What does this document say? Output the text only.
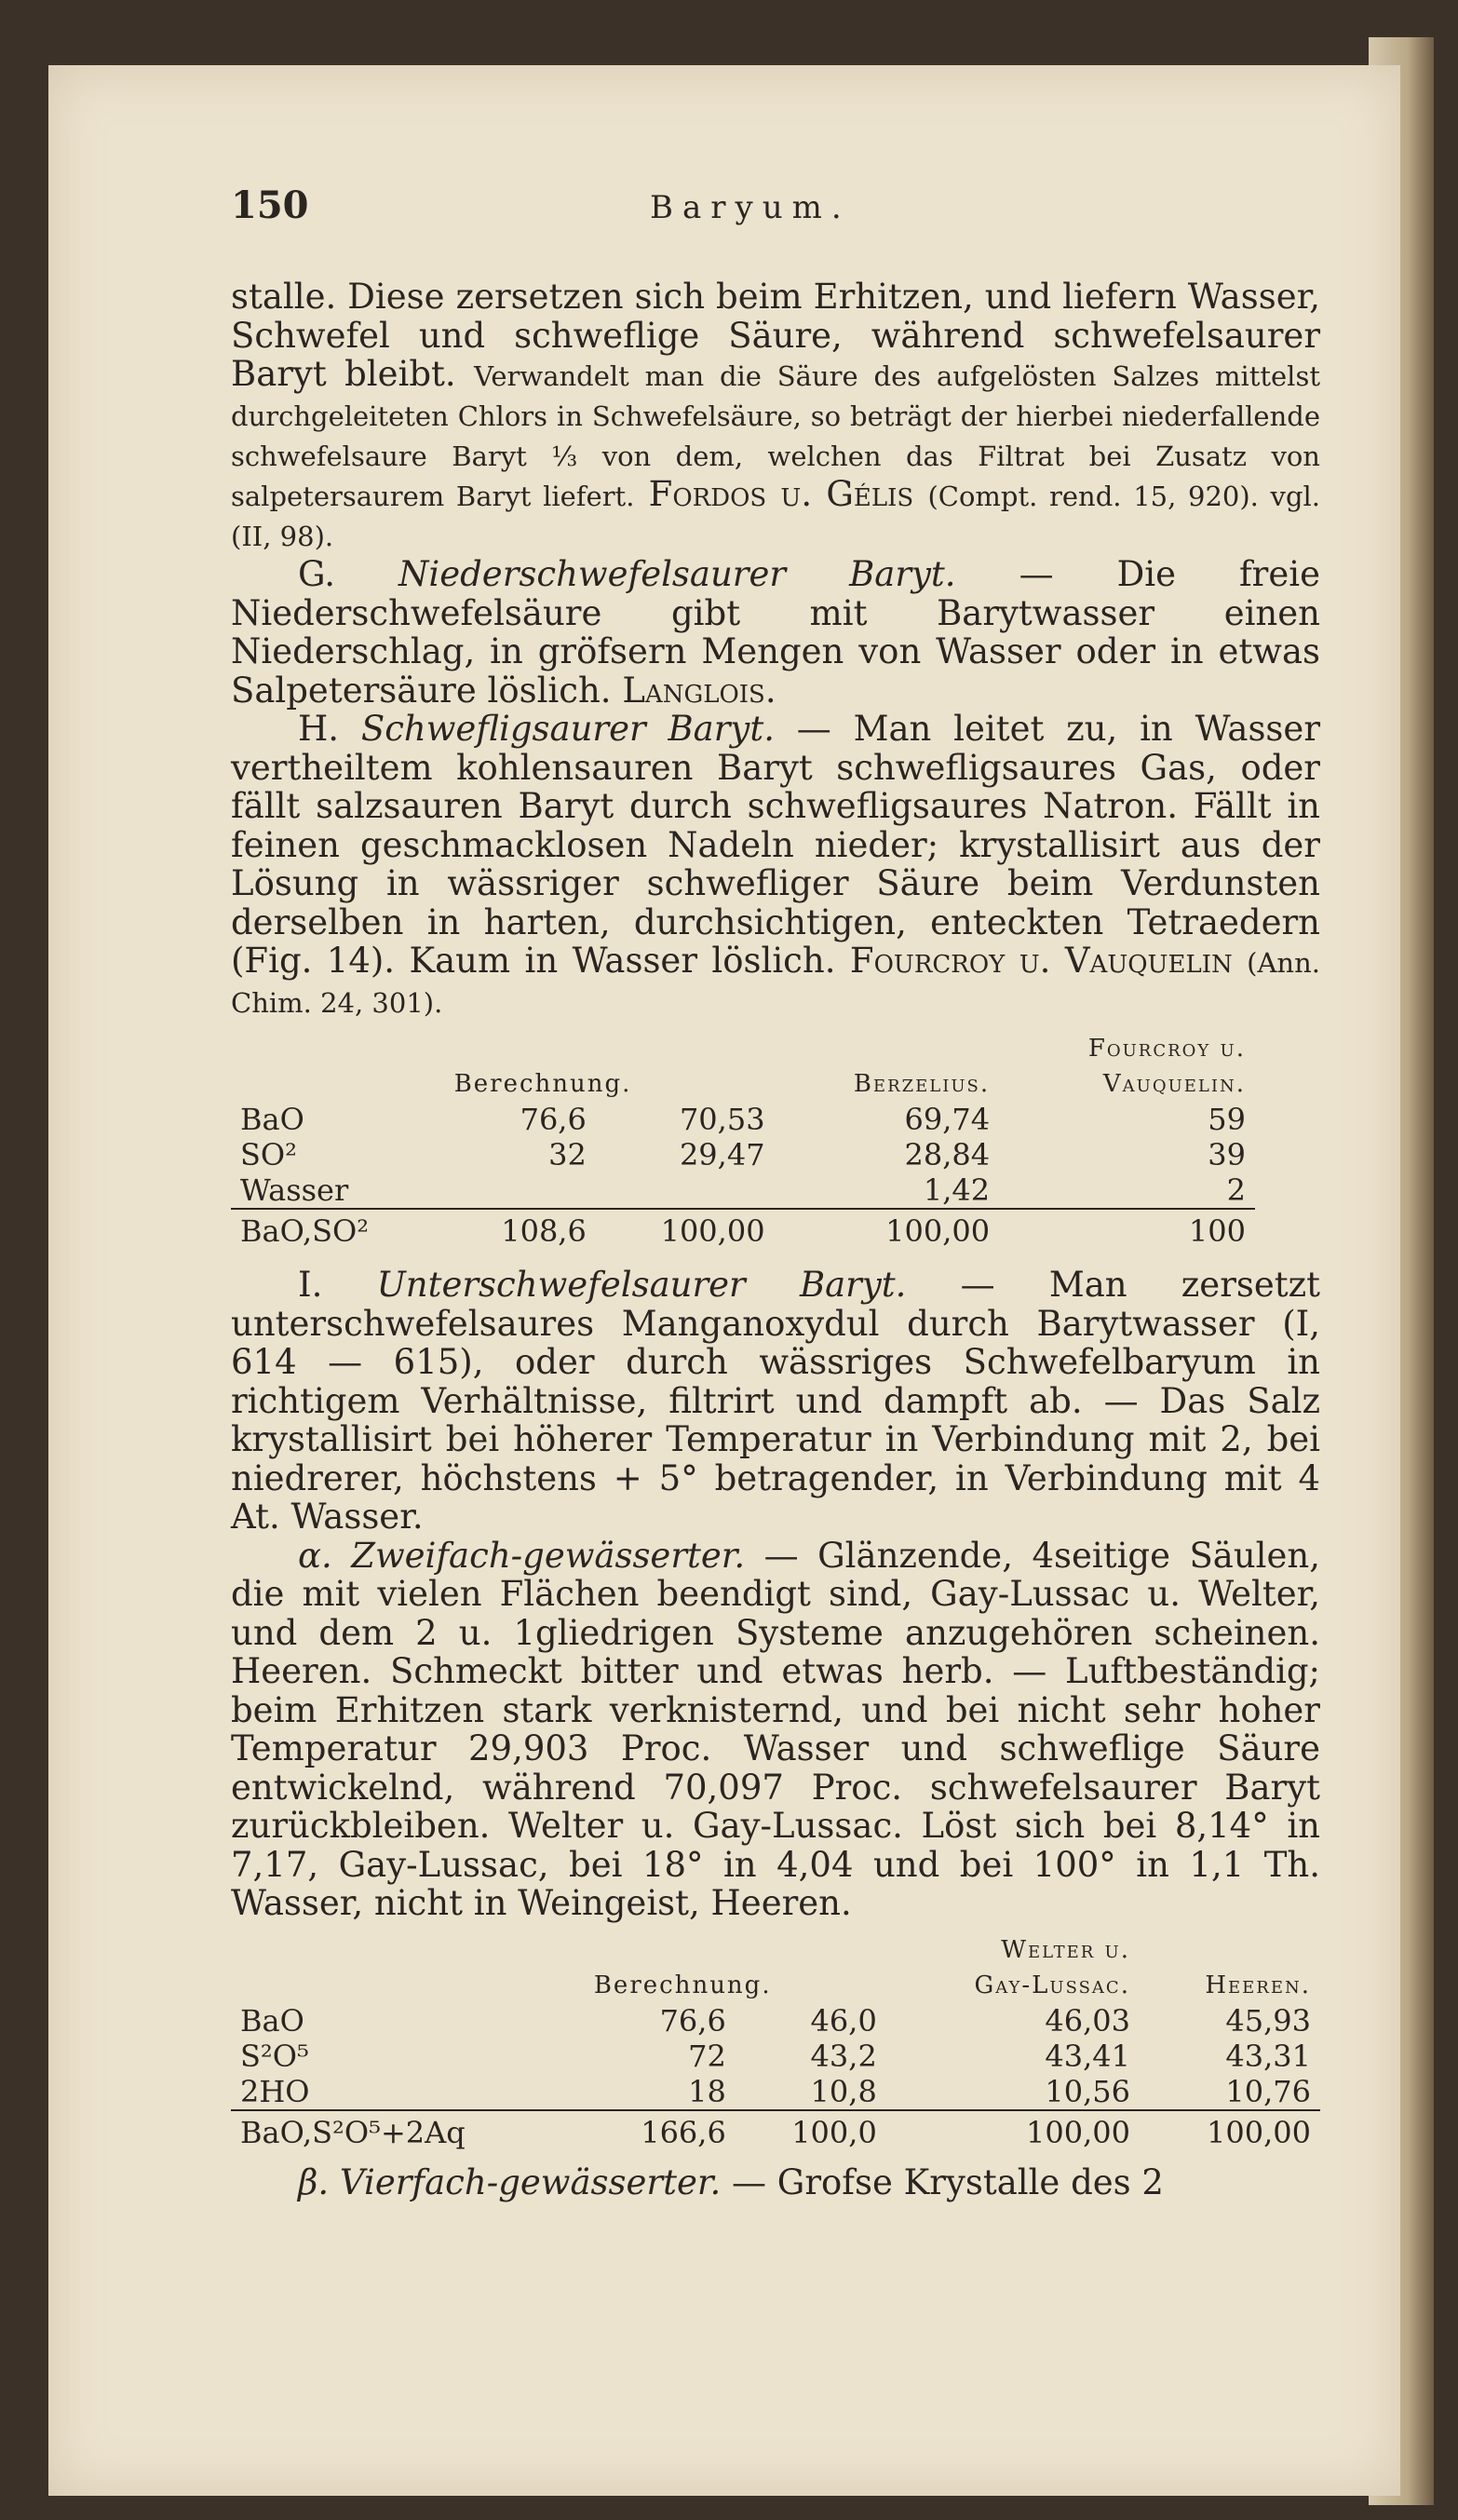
150	Baryum.

stalle. Diese zersetzen sich beim Erhitzen, und liefern Wasser, Schwefel und schweflige Säure, während schwefelsaurer Baryt bleibt. Verwandelt man die Säure des aufgelösten Salzes mittelst durchgeleiteten Chlors in Schwefelsäure, so beträgt der hierbei niederfallende schwefelsaure Baryt ⅓ von dem, welchen das Filtrat bei Zusatz von salpetersaurem Baryt liefert. Fordos u. Gélis (Compt. rend. 15, 920). vgl. (II, 98).

G. Niederschwefelsaurer Baryt. — Die freie Niederschwefelsäure gibt mit Barytwasser einen Niederschlag, in gröfsern Mengen von Wasser oder in etwas Salpetersäure löslich. Langlois.

H. Schwefligsaurer Baryt. — Man leitet zu, in Wasser vertheiltem kohlensauren Baryt schwefligsaures Gas, oder fällt salzsauren Baryt durch schwefligsaures Natron. Fällt in feinen geschmacklosen Nadeln nieder; krystallisirt aus der Lösung in wässriger schwefliger Säure beim Verdunsten derselben in harten, durchsichtigen, enteckten Tetraedern (Fig. 14). Kaum in Wasser löslich. Fourcroy u. Vauquelin (Ann. Chim. 24, 301).

				Fourcroy u.
	Berechnung.		Berzelius.	Vauquelin.
BaO	76,6	70,53	69,74	59
SO²	32	29,47	28,84	39
Wasser			1,42	2
BaO,SO²	108,6	100,00	100,00	100

I. Unterschwefelsaurer Baryt. — Man zersetzt unterschwefelsaures Manganoxydul durch Barytwasser (I, 614 — 615), oder durch wässriges Schwefelbaryum in richtigem Verhältnisse, filtrirt und dampft ab. — Das Salz krystallisirt bei höherer Temperatur in Verbindung mit 2, bei niedrerer, höchstens + 5° betragender, in Verbindung mit 4 At. Wasser.

α. Zweifach-gewässerter. — Glänzende, 4seitige Säulen, die mit vielen Flächen beendigt sind, Gay-Lussac u. Welter, und dem 2 u. 1gliedrigen Systeme anzugehören scheinen. Heeren. Schmeckt bitter und etwas herb. — Luftbeständig; beim Erhitzen stark verknisternd, und bei nicht sehr hoher Temperatur 29,903 Proc. Wasser und schweflige Säure entwickelnd, während 70,097 Proc. schwefelsaurer Baryt zurückbleiben. Welter u. Gay-Lussac. Löst sich bei 8,14° in 7,17, Gay-Lussac, bei 18° in 4,04 und bei 100° in 1,1 Th. Wasser, nicht in Weingeist, Heeren.

			Welter u.	
	Berechnung.		Gay-Lussac.	Heeren.
BaO	76,6	46,0	46,03	45,93
S²O⁵	72	43,2	43,41	43,31
2HO	18	10,8	10,56	10,76
BaO,S²O⁵+2Aq	166,6	100,0	100,00	100,00

β. Vierfach-gewässerter. — Grofse Krystalle des 2
